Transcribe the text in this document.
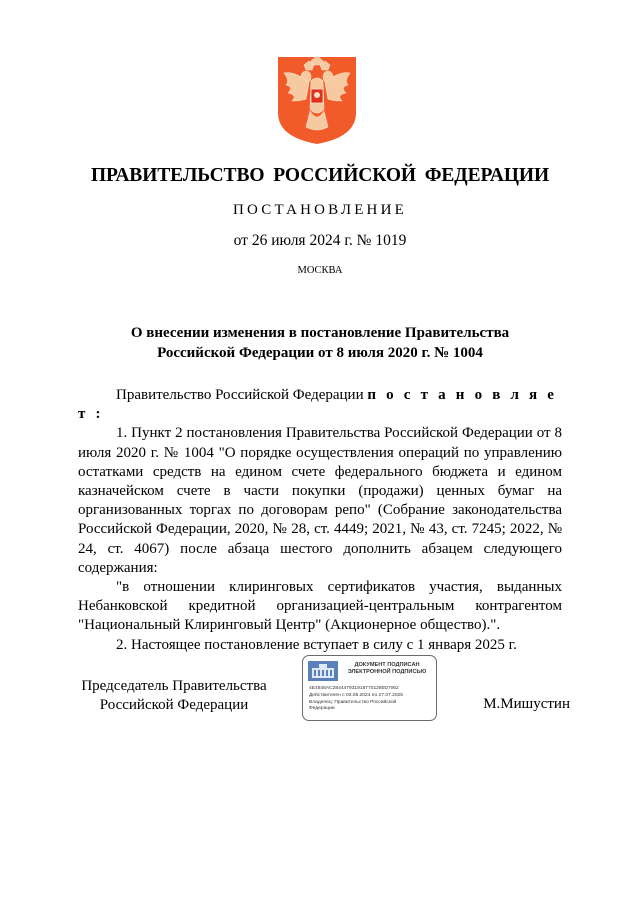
ПРАВИТЕЛЬСТВО РОССИЙСКОЙ ФЕДЕРАЦИИ
ПОСТАНОВЛЕНИЕ
от 26 июля 2024 г. № 1019
МОСКВА
О внесении изменения в постановление Правительства
Российской Федерации от 8 июля 2020 г. № 1004

Правительство Российской Федерации п о с т а н о в л я е т :

1. Пункт 2 постановления Правительства Российской Федерации от 8 июля 2020 г. № 1004 "О порядке осуществления операций по управлению остатками средств на едином счете федерального бюджета и едином казначейском счете в части покупки (продажи) ценных бумаг на организованных торгах по договорам репо" (Собрание законодательства Российской Федерации, 2020, № 28, ст. 4449; 2021, № 43, ст. 7245; 2022, № 24, ст. 4067) после абзаца шестого дополнить абзацем следующего содержания:

"в отношении клиринговых сертификатов участия, выданных Небанковской кредитной организацией-центральным контрагентом "Национальный Клиринговый Центр" (Акционерное общество).".

2. Настоящее постановление вступает в силу с 1 января 2025 г.

Председатель Правительства
Российской Федерации
ДОКУМЕНТ ПОДПИСАН
ЭЛЕКТРОННОЙ ПОДПИСЬЮ
4E4848AC2844479319187701280D7062
Действителен с 03.05.2024 по 27.07.2025
Владелец: Правительство Российской
Федерации	М.Мишустин
